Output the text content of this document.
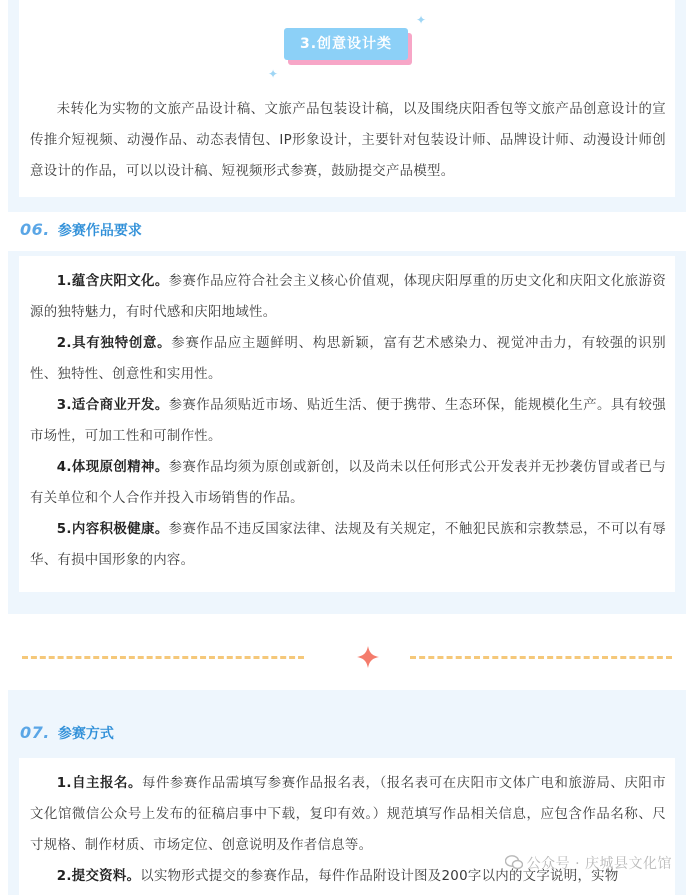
3.创意设计类
✦
✦

未转化为实物的文旅产品设计稿、文旅产品包装设计稿，以及围绕庆阳香包等文旅产品创意设计的宣传推介短视频、动漫作品、动态表情包、IP形象设计，主要针对包装设计师、品牌设计师、动漫设计师创意设计的作品，可以以设计稿、短视频形式参赛，鼓励提交产品模型。

06. 参赛作品要求

1.蕴含庆阳文化。参赛作品应符合社会主义核心价值观，体现庆阳厚重的历史文化和庆阳文化旅游资源的独特魅力，有时代感和庆阳地域性。

2.具有独特创意。参赛作品应主题鲜明、构思新颖，富有艺术感染力、视觉冲击力，有较强的识别性、独特性、创意性和实用性。

3.适合商业开发。参赛作品须贴近市场、贴近生活、便于携带、生态环保，能规模化生产。具有较强市场性，可加工性和可制作性。

4.体现原创精神。参赛作品均须为原创或新创，以及尚未以任何形式公开发表并无抄袭仿冒或者已与有关单位和个人合作并投入市场销售的作品。

5.内容积极健康。参赛作品不违反国家法律、法规及有关规定，不触犯民族和宗教禁忌，不可以有辱华、有损中国形象的内容。

07. 参赛方式

1.自主报名。每件参赛作品需填写参赛作品报名表，（报名表可在庆阳市文体广电和旅游局、庆阳市文化馆微信公众号上发布的征稿启事中下载，复印有效。）规范填写作品相关信息，应包含作品名称、尺寸规格、制作材质、市场定位、创意说明及作者信息等。

2.提交资料。以实物形式提交的参赛作品，每件作品附设计图及200字以内的文字说明，实物

公众号 · 庆城县文化馆
